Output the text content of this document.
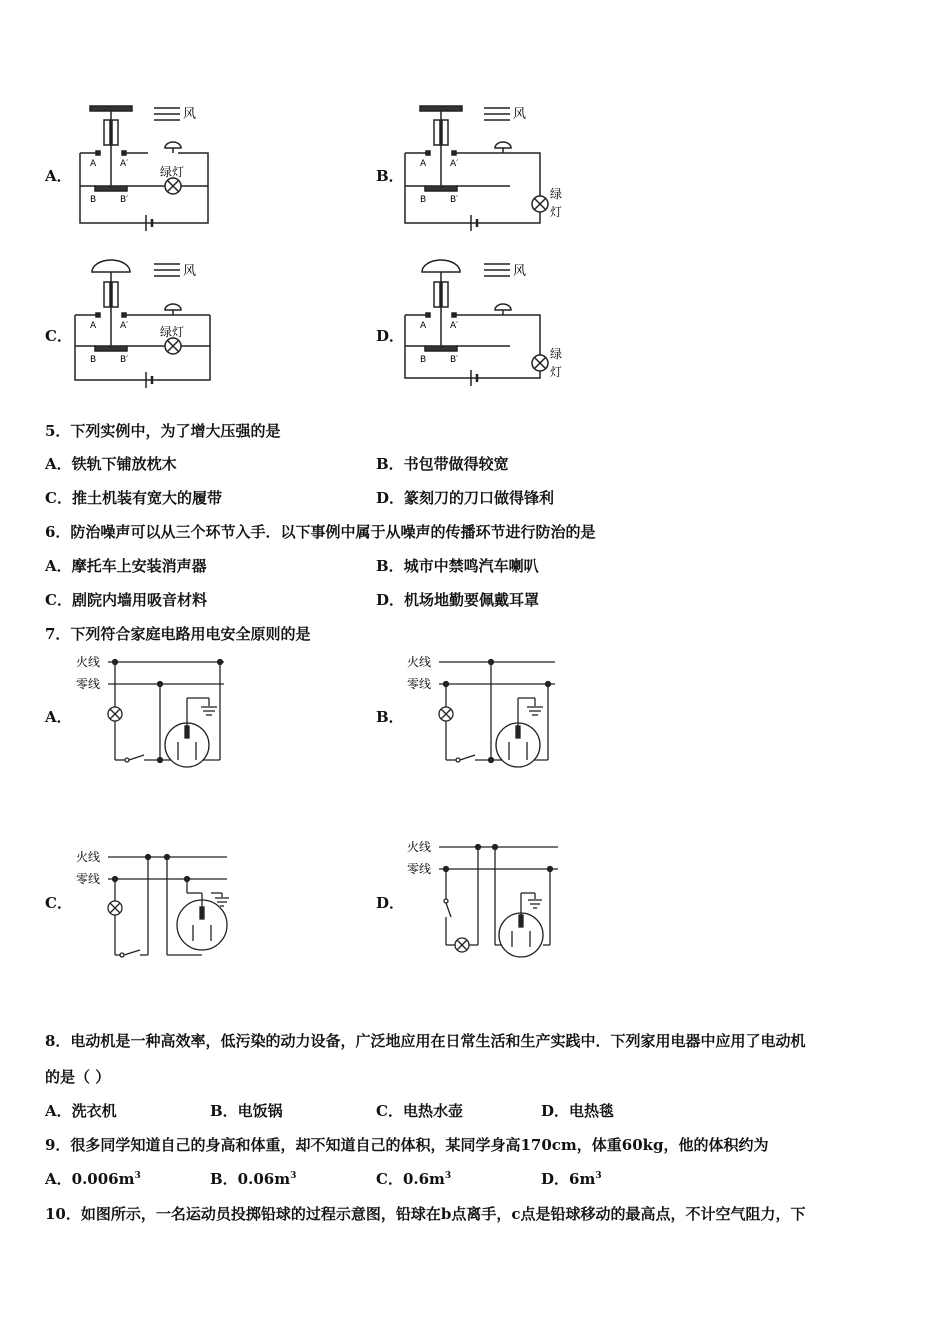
A．	B．
C．	D．
风
绿灯
A	A′
B	B′
风
绿
灯
A	A′
B	B′
风
绿灯
A	A′
B	B′
风
绿
灯
A	A′
B	B′
5．下列实例中，为了增大压强的是
A．铁轨下铺放枕木	B．书包带做得较宽
C．推土机装有宽大的履带	D．篆刻刀的刀口做得锋利
6．防治噪声可以从三个环节入手．以下事例中属于从噪声的传播环节进行防治的是
A．摩托车上安装消声器	B．城市中禁鸣汽车喇叭
C．剧院内墙用吸音材料	D．机场地勤要佩戴耳罩
7．下列符合家庭电路用电安全原则的是
A．	B．
C．	D．
火线
零线
火线
零线
火线
零线
火线
零线
8．电动机是一种高效率，低污染的动力设备，广泛地应用在日常生活和生产实践中．下列家用电器中应用了电动机
的是（ ）
A．洗衣机	B．电饭锅	C．电热水壶	D．电热毯
9．很多同学知道自己的身高和体重，却不知道自己的体积，某同学身高170cm，体重60kg，他的体积约为
A．$0.006m^3$	B．$0.06m^3$	C．$0.6m^3$	D．$6m^3$
10．如图所示，一名运动员投掷铅球的过程示意图，铅球在b点离手，c点是铅球移动的最高点，不计空气阻力，下
